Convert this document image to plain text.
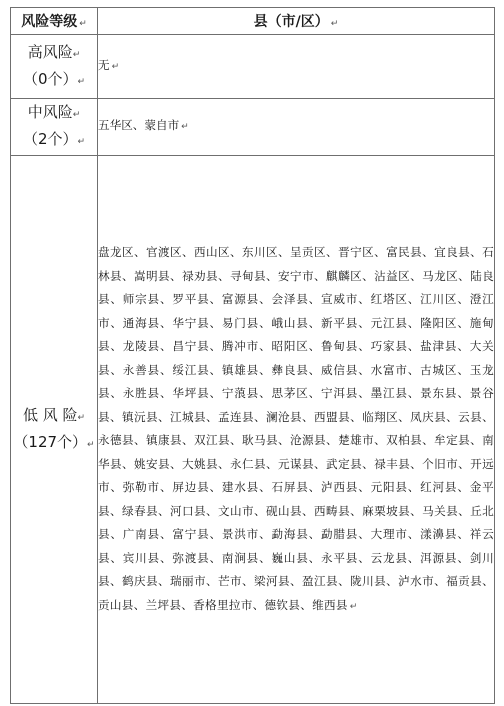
风险等级 ↵	县（市/区） ↵

高风险↵
（0个）↵	无 ↵

中风险↵
（2个）↵	五华区、蒙自市 ↵

低 风 险↵
（127个）↵	盘龙区、官渡区、西山区、东川区、呈贡区、晋宁区、富民县、宜良县、石林县、嵩明县、禄劝县、寻甸县、安宁市、麒麟区、沾益区、马龙区、陆良县、师宗县、罗平县、富源县、会泽县、宣威市、红塔区、江川区、澄江市、通海县、华宁县、易门县、峨山县、新平县、元江县、隆阳区、施甸县、龙陵县、昌宁县、腾冲市、昭阳区、鲁甸县、巧家县、盐津县、大关县、永善县、绥江县、镇雄县、彝良县、威信县、水富市、古城区、玉龙县、永胜县、华坪县、宁蒗县、思茅区、宁洱县、墨江县、景东县、景谷县、镇沅县、江城县、孟连县、澜沧县、西盟县、临翔区、凤庆县、云县、永德县、镇康县、双江县、耿马县、沧源县、楚雄市、双柏县、牟定县、南华县、姚安县、大姚县、永仁县、元谋县、武定县、禄丰县、个旧市、开远市、弥勒市、屏边县、建水县、石屏县、泸西县、元阳县、红河县、金平县、绿春县、河口县、文山市、砚山县、西畴县、麻栗坡县、马关县、丘北县、广南县、富宁县、景洪市、勐海县、勐腊县、大理市、漾濞县、祥云县、宾川县、弥渡县、南涧县、巍山县、永平县、云龙县、洱源县、剑川县、鹤庆县、瑞丽市、芒市、梁河县、盈江县、陇川县、泸水市、福贡县、贡山县、兰坪县、香格里拉市、德钦县、维西县 ↵
